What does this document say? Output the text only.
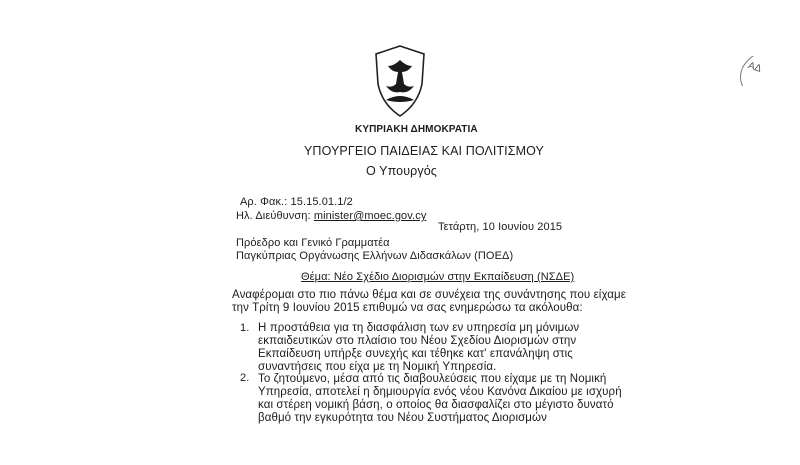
ΑΔ
ΚΥΠΡΙΑΚΗ ΔΗΜΟΚΡΑΤΙΑ
ΥΠΟΥΡΓΕΙΟ ΠΑΙΔΕΙΑΣ ΚΑΙ ΠΟΛΙΤΙΣΜΟΥ
Ο Υπουργός
Αρ. Φακ.: 15.15.01.1/2
Ηλ. Διεύθυνση: minister@moec.gov.cy
Τετάρτη, 10 Ιουνίου 2015
Πρόεδρο και Γενικό Γραμματέα
Παγκύπριας Οργάνωσης Ελλήνων Διδασκάλων (ΠΟΕΔ)
Θέμα: Νέο Σχέδιο Διορισμών στην Εκπαίδευση (ΝΣΔΕ)
Αναφέρομαι στο πιο πάνω θέμα και σε συνέχεια της συνάντησης που είχαμε
την Τρίτη 9 Ιουνίου 2015 επιθυμώ να σας ενημερώσω τα ακόλουθα:
1. Η προστάθεια για τη διασφάλιση των εν υπηρεσία μη μόνιμων
εκπαιδευτικών στο πλαίσιο του Νέου Σχεδίου Διορισμών στην
Εκπαίδευση υπήρξε συνεχής και τέθηκε κατ' επανάληψη στις
συναντήσεις που είχα με τη Νομική Υπηρεσία.
2. Το ζητούμενο, μέσα από τις διαβουλεύσεις που είχαμε με τη Νομική
Υπηρεσία, αποτελεί η δημιουργία ενός νέου Κανόνα Δικαίου με ισχυρή
και στέρεη νομική βάση, ο οποίος θα διασφαλίζει στο μέγιστο δυνατό
βαθμό την εγκυρότητα του Νέου Συστήματος Διορισμών
